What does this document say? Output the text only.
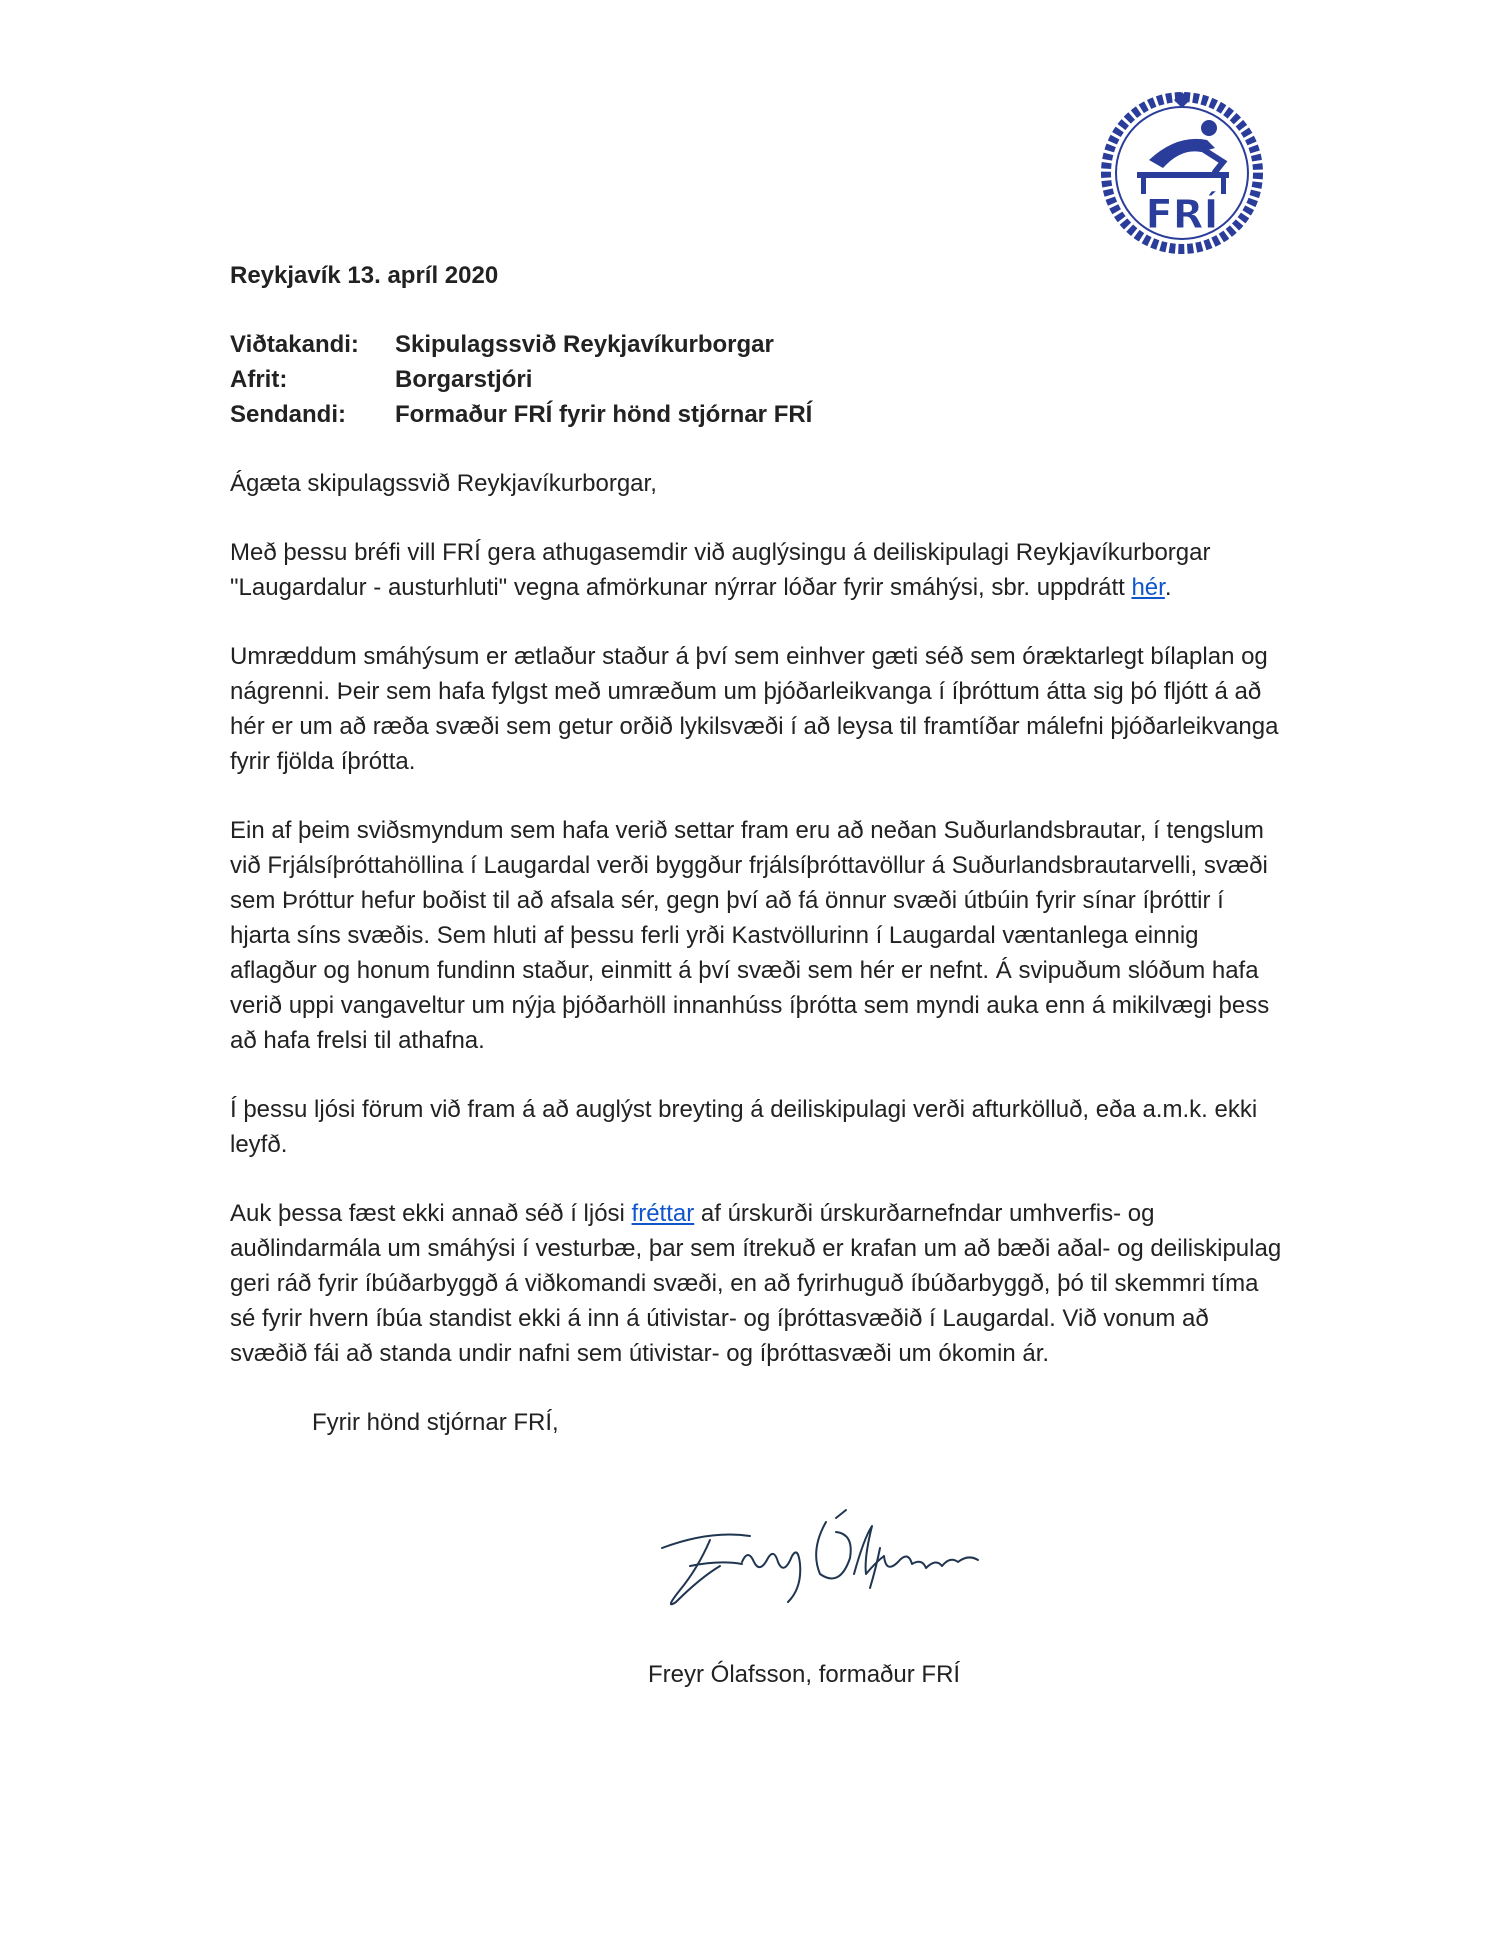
FRÍ
Reykjavík 13. apríl 2020
Viðtakandi:	Skipulagssvið Reykjavíkurborgar
Afrit:	Borgarstjóri
Sendandi:	Formaður FRÍ fyrir hönd stjórnar FRÍ

Ágæta skipulagssvið Reykjavíkurborgar,

Með þessu bréfi vill FRÍ gera athugasemdir við auglýsingu á deiliskipulagi Reykjavíkurborgar "Laugardalur - austurhluti" vegna afmörkunar nýrrar lóðar fyrir smáhýsi, sbr. uppdrátt hér.

Umræddum smáhýsum er ætlaður staður á því sem einhver gæti séð sem óræktarlegt bílaplan og nágrenni. Þeir sem hafa fylgst með umræðum um þjóðarleikvanga í íþróttum átta sig þó fljótt á að hér er um að ræða svæði sem getur orðið lykilsvæði í að leysa til framtíðar málefni þjóðarleikvanga fyrir fjölda íþrótta.

Ein af þeim sviðsmyndum sem hafa verið settar fram eru að neðan Suðurlandsbrautar, í tengslum við Frjálsíþróttahöllina í Laugardal verði byggður frjálsíþróttavöllur á Suðurlandsbrautarvelli, svæði sem Þróttur hefur boðist til að afsala sér, gegn því að fá önnur svæði útbúin fyrir sínar íþróttir í hjarta síns svæðis. Sem hluti af þessu ferli yrði Kastvöllurinn í Laugardal væntanlega einnig aflagður og honum fundinn staður, einmitt á því svæði sem hér er nefnt. Á svipuðum slóðum hafa verið uppi vangaveltur um nýja þjóðarhöll innanhúss íþrótta sem myndi auka enn á mikilvægi þess að hafa frelsi til athafna.

Í þessu ljósi förum við fram á að auglýst breyting á deiliskipulagi verði afturkölluð, eða a.m.k. ekki leyfð.

Auk þessa fæst ekki annað séð í ljósi fréttar af úrskurði úrskurðarnefndar umhverfis- og auðlindarmála um smáhýsi í vesturbæ, þar sem ítrekuð er krafan um að bæði aðal- og deiliskipulag geri ráð fyrir íbúðarbyggð á viðkomandi svæði, en að fyrirhuguð íbúðarbyggð, þó til skemmri tíma sé fyrir hvern íbúa standist ekki á inn á útivistar- og íþróttasvæðið í Laugardal. Við vonum að svæðið fái að standa undir nafni sem útivistar- og íþróttasvæði um ókomin ár.

Fyrir hönd stjórnar FRÍ,
Freyr Ólafsson, formaður FRÍ
